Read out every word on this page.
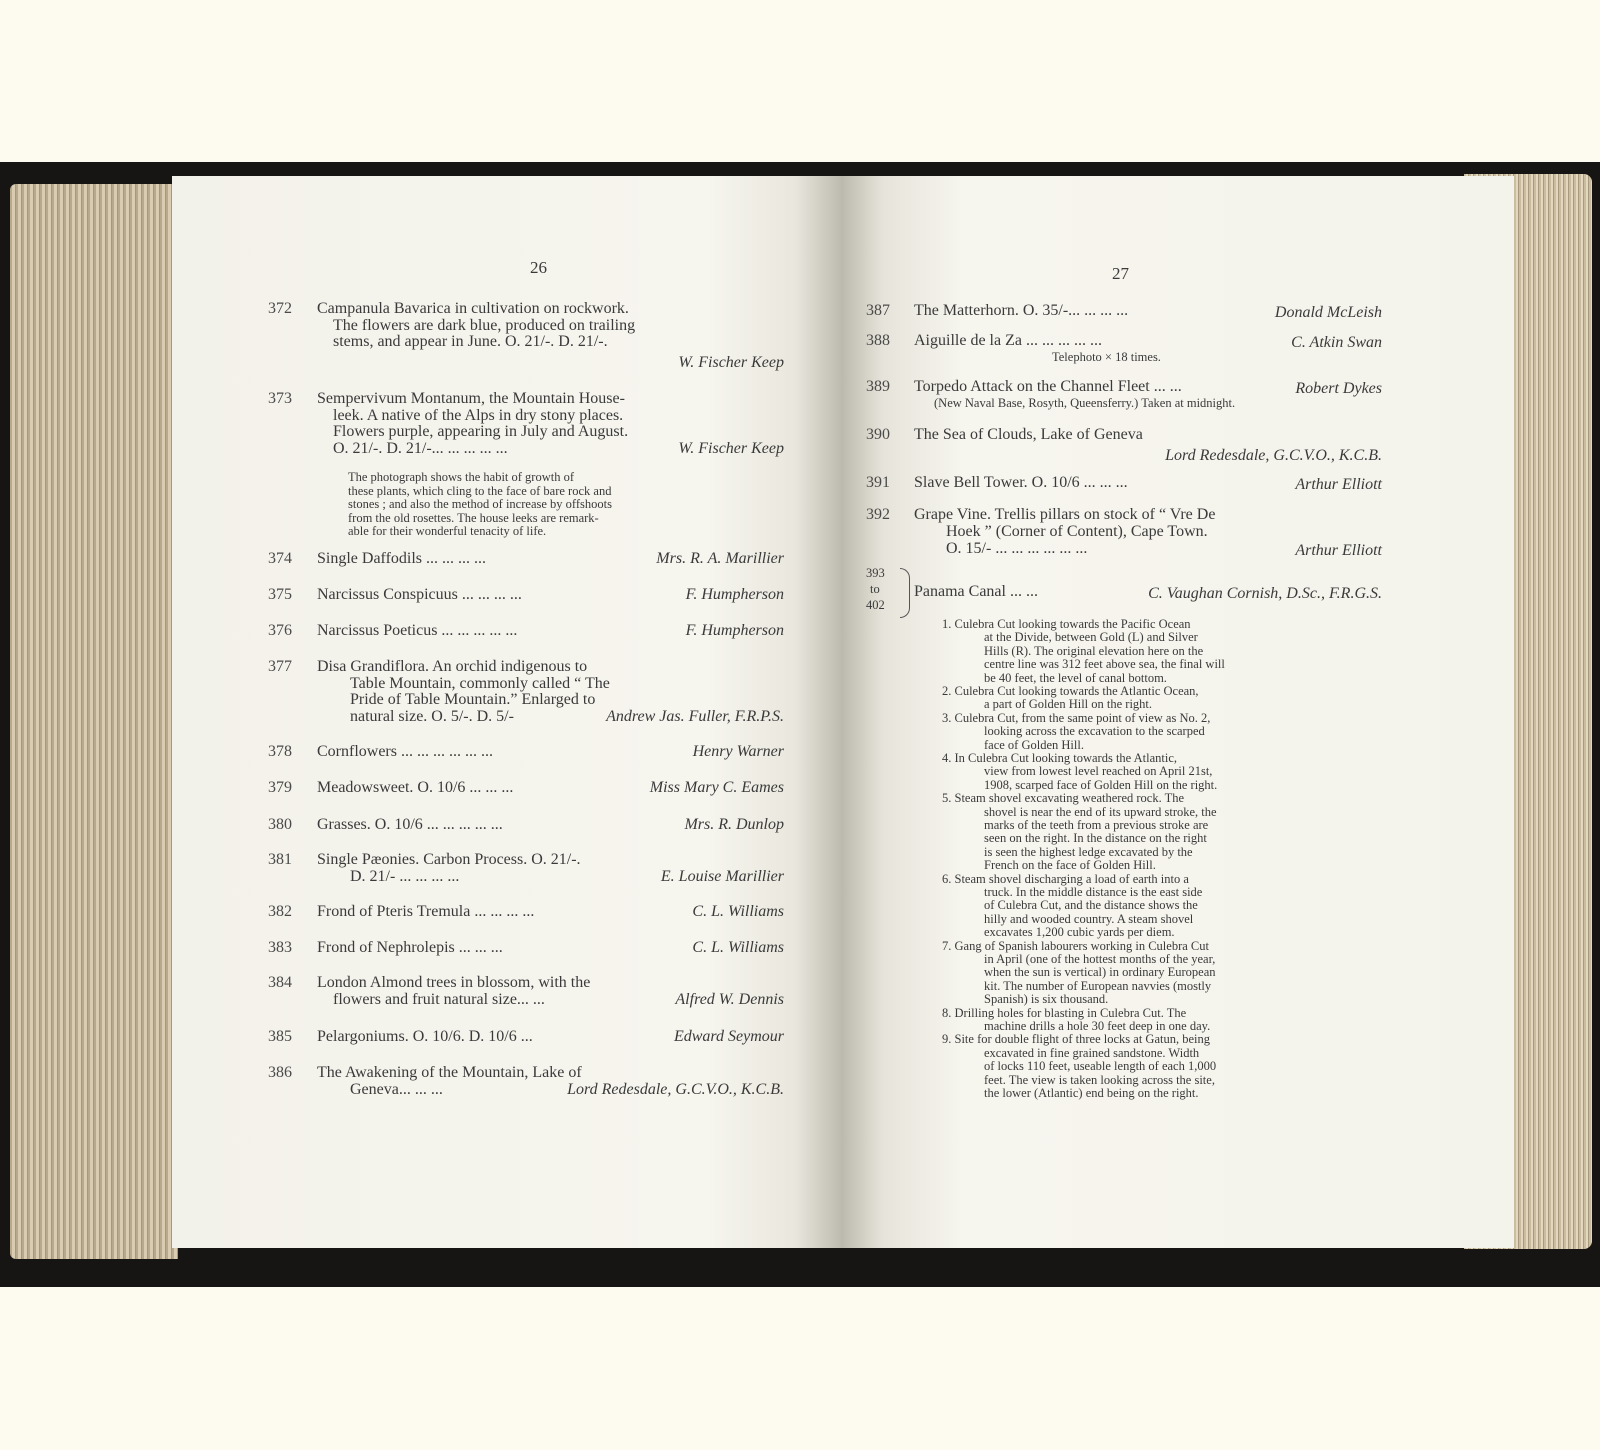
26
372 Campanula Bavarica in cultivation on rockwork.
The flowers are dark blue, produced on trailing
stems, and appear in June. O. 21/-. D. 21/-.
W. Fischer Keep
373 Sempervivum Montanum, the Mountain House-
leek. A native of the Alps in dry stony places.
Flowers purple, appearing in July and August.
O. 21/-. D. 21/-... ... ... ... ...	W. Fischer Keep
The photograph shows the habit of growth of
these plants, which cling to the face of bare rock and
stones ; and also the method of increase by offshoots
from the old rosettes. The house leeks are remark-
able for their wonderful tenacity of life.
374 Single Daffodils ... ... ... ...	Mrs. R. A. Marillier
375 Narcissus Conspicuus ... ... ... ...	F. Humpherson
376 Narcissus Poeticus ... ... ... ... ...	F. Humpherson
377 Disa Grandiflora. An orchid indigenous to
Table Mountain, commonly called “ The
Pride of Table Mountain.” Enlarged to
natural size. O. 5/-. D. 5/-	Andrew Jas. Fuller, F.R.P.S.
378 Cornflowers ... ... ... ... ... ...	Henry Warner
379 Meadowsweet. O. 10/6 ... ... ...	Miss Mary C. Eames
380 Grasses. O. 10/6 ... ... ... ... ...	Mrs. R. Dunlop
381 Single Pæonies. Carbon Process. O. 21/-.
D. 21/- ... ... ... ...	E. Louise Marillier
382 Frond of Pteris Tremula ... ... ... ...	C. L. Williams
383 Frond of Nephrolepis ... ... ...	C. L. Williams
384 London Almond trees in blossom, with the
flowers and fruit natural size... ...	Alfred W. Dennis
385 Pelargoniums. O. 10/6. D. 10/6 ...	Edward Seymour
386 The Awakening of the Mountain, Lake of
Geneva... ... ...	Lord Redesdale, G.C.V.O., K.C.B.
27
387 The Matterhorn. O. 35/-... ... ... ...	Donald McLeish
388 Aiguille de la Za ... ... ... ... ...	C. Atkin Swan
Telephoto × 18 times.
389 Torpedo Attack on the Channel Fleet ... ...	Robert Dykes
(New Naval Base, Rosyth, Queensferry.) Taken at midnight.
390 The Sea of Clouds, Lake of Geneva
Lord Redesdale, G.C.V.O., K.C.B.
391 Slave Bell Tower. O. 10/6 ... ... ...	Arthur Elliott
392 Grape Vine. Trellis pillars on stock of “ Vre De
Hoek ” (Corner of Content), Cape Town.
O. 15/- ... ... ... ... ... ...	Arthur Elliott
393
to
402
Panama Canal ... ...	C. Vaughan Cornish, D.Sc., F.R.G.S.
1. Culebra Cut looking towards the Pacific Ocean
at the Divide, between Gold (L) and Silver
Hills (R). The original elevation here on the
centre line was 312 feet above sea, the final will
be 40 feet, the level of canal bottom.
2. Culebra Cut looking towards the Atlantic Ocean,
a part of Golden Hill on the right.
3. Culebra Cut, from the same point of view as No. 2,
looking across the excavation to the scarped
face of Golden Hill.
4. In Culebra Cut looking towards the Atlantic,
view from lowest level reached on April 21st,
1908, scarped face of Golden Hill on the right.
5. Steam shovel excavating weathered rock. The
shovel is near the end of its upward stroke, the
marks of the teeth from a previous stroke are
seen on the right. In the distance on the right
is seen the highest ledge excavated by the
French on the face of Golden Hill.
6. Steam shovel discharging a load of earth into a
truck. In the middle distance is the east side
of Culebra Cut, and the distance shows the
hilly and wooded country. A steam shovel
excavates 1,200 cubic yards per diem.
7. Gang of Spanish labourers working in Culebra Cut
in April (one of the hottest months of the year,
when the sun is vertical) in ordinary European
kit. The number of European navvies (mostly
Spanish) is six thousand.
8. Drilling holes for blasting in Culebra Cut. The
machine drills a hole 30 feet deep in one day.
9. Site for double flight of three locks at Gatun, being
excavated in fine grained sandstone. Width
of locks 110 feet, useable length of each 1,000
feet. The view is taken looking across the site,
the lower (Atlantic) end being on the right.
